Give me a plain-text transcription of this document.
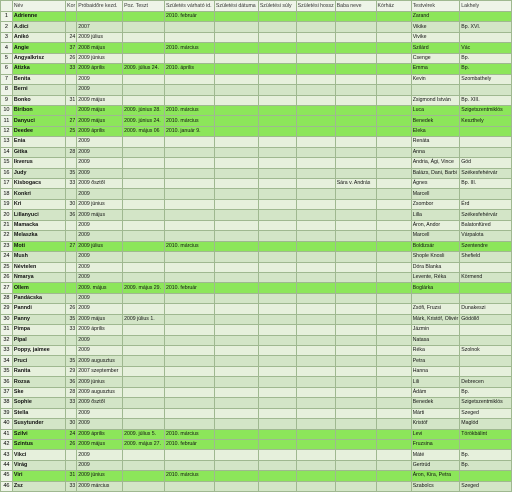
	Név	Kor	Próbaidőre kezd.	Poz. Teszt	Születés várható id.	Születési dátuma	Születési súly	Születési hossz	Baba neve	Kórház	Testvérek	Lakhely
1	Adrienne				2010. február						Zarand	
2	A.dici		2007								Vikike	Bp. XVI.
3	Anikó	24	2009 július								Vivike	
4	Angie	37	2008 május		2010. március						Szilárd	Vác
5	Angyalkrisz	26	2009 június								Csenge	Bp.
6	Atizka	33	2009 április	2009. július 24.	2010. április						Emma	Bp.
7	Benita		2009								Kevin	Szombathely
8	Berni		2009									
9	Bonko	31	2009 május								Zsigmond István	Bp. XIII.
10	Biribon		2009 május	2009. június 28.	2010. március						Luca	Szigetszentmiklós
11	Danyuci	27	2009 május	2009. június 24.	2010. március						Benedek	Keszthely
12	Deedee	25	2009 április	2009. május 06	2010. január 9.						Eleka	
13	Enia		2009								Renáta	
14	Gitka	28	2009								Anna	
15	Ikverus		2009								Andria, Ági, Vince	Göd
16	Judy	35	2009								Balázs, Dani, Barbi	Székesfehérvár
17	Kisbogacs	33	2009 ősztől						Sára v. András		Ágnes	Bp. III.
18	Konkri		2009								Marcell	
19	Kri	30	2009 június								Zsombor	Érd
20	Lillanyuci	36	2009 május								Lilla	Székesfehérvár
21	Mamacka		2009								Áron, Andor	Balatonfüred
22	Melaszka		2009								Marcell	Várpalota
23	Moti	27	2009 július		2010. március						Boldizsár	Szentendre
24	Mush		2009								Shople Knosli	Shefield
25	Névtelen		2009								Dóra Blanka	
26	Nmarya		2009								Levente, Réka	Körmend
27	Ollem		2009. május	2009. május 29.	2010. február						Boglárka	
28	Pandácska		2009									
29	Panndi	26	2009								Zsófi, Fruzsi	Dunakeszi
30	Panny	35	2009 május	2009 július 1.							Márk, Kristóf, Olivér	Gödöllő
31	Pimpa	33	2009 április								Jázmin	
32	Pipal		2009								Natasa	
33	Poppy, jaimee		2009								Réka	Szolnok
34	Pruci	35	2009 augusztus								Petra	
35	Ranita	29	2007 szeptember								Hanna	
36	Rozsa	36	2009 június								Lili	Debrecen
37	Ske	28	2009 augusztus								Ádám	Bp.
38	Sophie	33	2009 ősztől								Benedek	Szigetszentmiklós
39	Stella		2009								Márti	Szeged
40	Susytunder	30	2009								Kristóf	Maglód
41	Szilvi	24	2009 április	2009. július 5.	2010. március						Levi	Törökbálint
42	Szintus	26	2009 május	2009. május 27.	2010. február						Fruzsina	
43	Vikci		2009								Máté	Bp.
44	Virág		2009								Gertrúd	Bp.
45	Viri	31	2009 június		2010. március						Áron, Kira, Petra	
46	Zsz	33	2009 március								Szabolcs	Szeged
